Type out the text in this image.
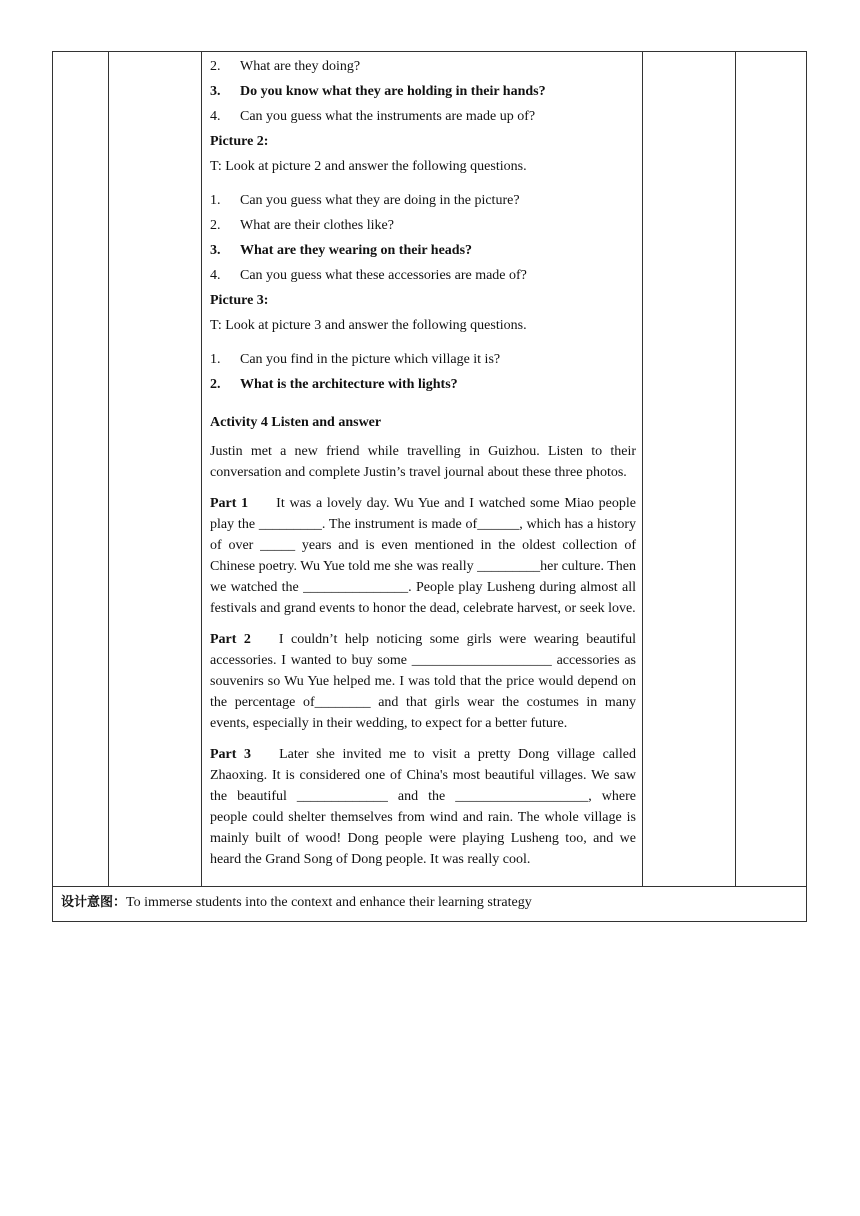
2.	What are they doing?
3.	Do you know what they are holding in their hands?
4.	Can you guess what the instruments are made up of?
Picture 2:
T: Look at picture 2 and answer the following questions.
1.	Can you guess what they are doing in the picture?
2.	What are their clothes like?
3.	What are they wearing on their heads?
4.	Can you guess what these accessories are made of?
Picture 3:
T: Look at picture 3 and answer the following questions.
1.	Can you find in the picture which village it is?
2.	What is the architecture with lights?
Activity 4 Listen and answer

Justin met a new friend while travelling in Guizhou. Listen to their conversation and complete Justin’s travel journal about these three photos.

Part 1 It was a lovely day. Wu Yue and I watched some Miao people play the _________. The instrument is made of______, which has a history of over _____ years and is even mentioned in the oldest collection of Chinese poetry. Wu Yue told me she was really _________her culture. Then we watched the _______________. People play Lusheng during almost all festivals and grand events to honor the dead, celebrate harvest, or seek love.

Part 2 I couldn’t help noticing some girls were wearing beautiful accessories. I wanted to buy some ____________________ accessories as souvenirs so Wu Yue helped me. I was told that the price would depend on the percentage of________ and that girls wear the costumes in many events, especially in their wedding, to expect for a better future.

Part 3 Later she invited me to visit a pretty Dong village called Zhaoxing. It is considered one of China's most beautiful villages. We saw the beautiful _____________ and the ___________________, where people could shelter themselves from wind and rain. The whole village is mainly built of wood! Dong people were playing Lusheng too, and we heard the Grand Song of Dong people. It was really cool.

设计意图：To immerse students into the context and enhance their learning strategy
